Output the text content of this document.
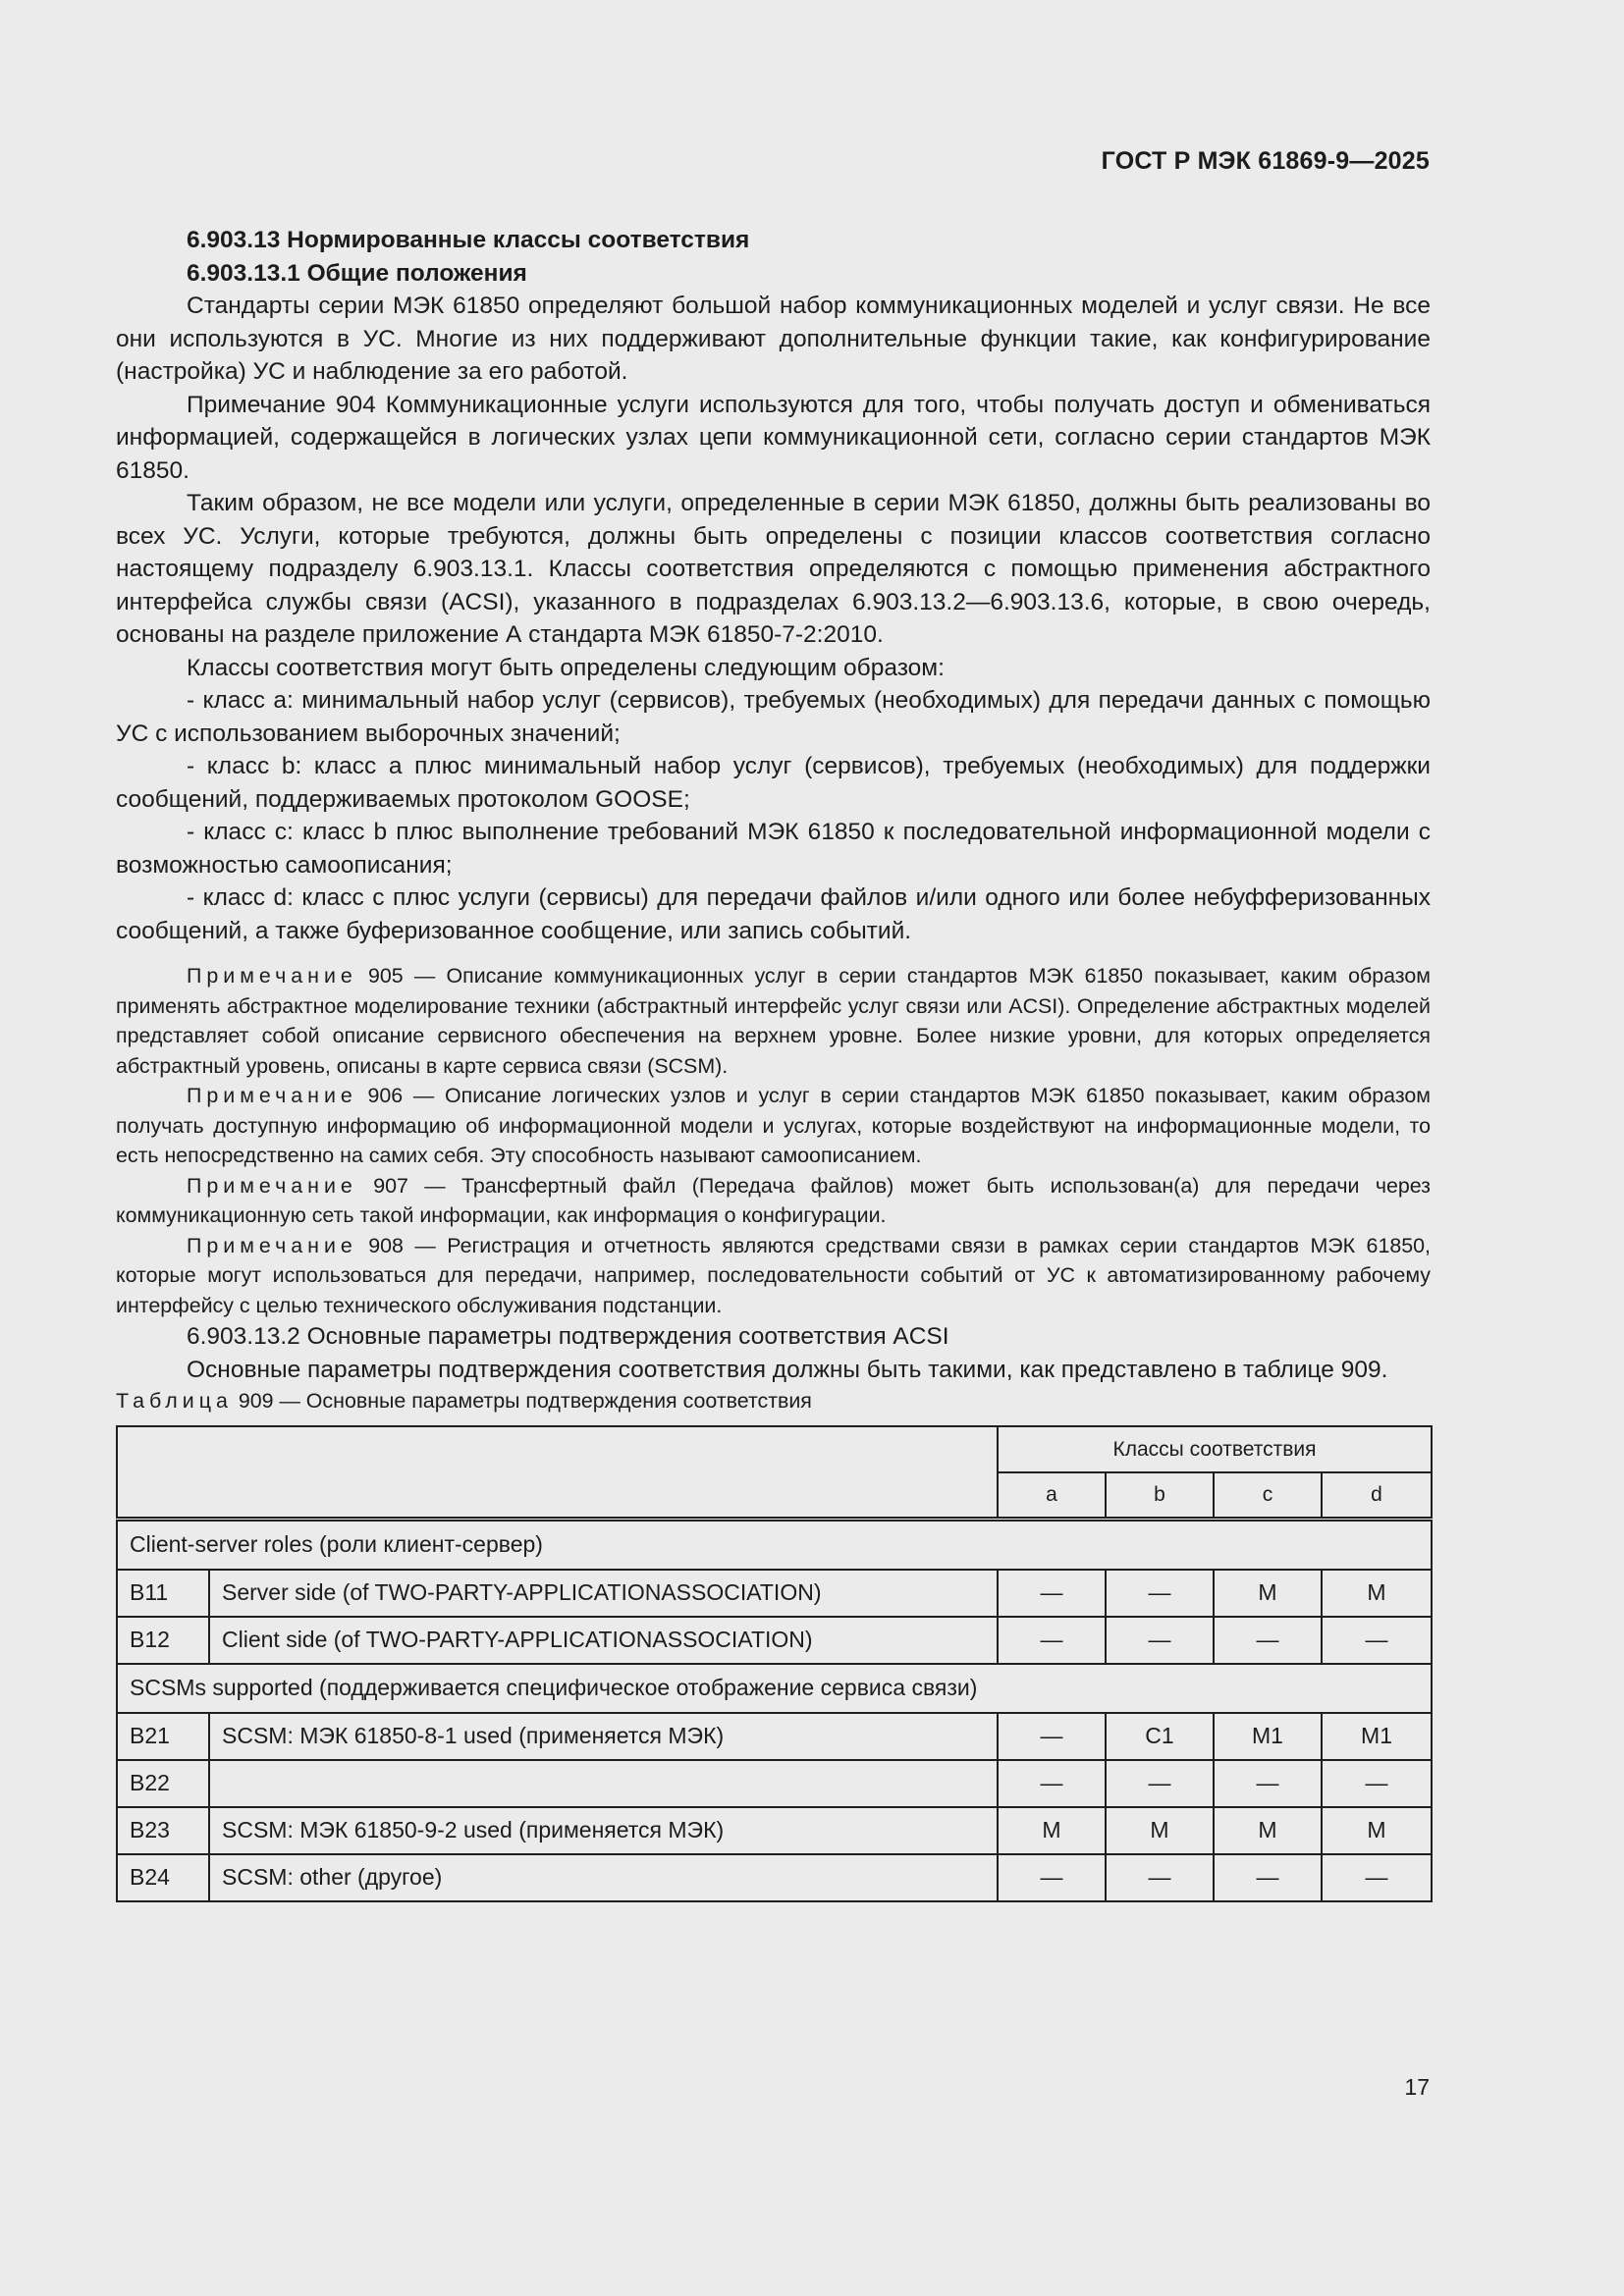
ГОСТ Р МЭК 61869-9—2025

6.903.13 Нормированные классы соответствия

6.903.13.1 Общие положения

Стандарты серии МЭК 61850 определяют большой набор коммуникационных моделей и услуг связи. Не все они используются в УС. Многие из них поддерживают дополнительные функции такие, как конфигурирование (настройка) УС и наблюдение за его работой.

Примечание 904 Коммуникационные услуги используются для того, чтобы получать доступ и обмениваться информацией, содержащейся в логических узлах цепи коммуникационной сети, согласно серии стандартов МЭК 61850.

Таким образом, не все модели или услуги, определенные в серии МЭК 61850, должны быть реализованы во всех УС. Услуги, которые требуются, должны быть определены с позиции классов соответствия согласно настоящему подразделу 6.903.13.1. Классы соответствия определяются с помощью применения абстрактного интерфейса службы связи (ACSI), указанного в подразделах 6.903.13.2—6.903.13.6, которые, в свою очередь, основаны на разделе приложение А стандарта МЭК 61850-7-2:2010.

Классы соответствия могут быть определены следующим образом:

- класс а: минимальный набор услуг (сервисов), требуемых (необходимых) для передачи данных с помощью УС с использованием выборочных значений;

- класс b: класс а плюс минимальный набор услуг (сервисов), требуемых (необходимых) для поддержки сообщений, поддерживаемых протоколом GOOSE;

- класс с: класс b плюс выполнение требований МЭК 61850 к последовательной информационной модели с возможностью самоописания;

- класс d: класс с плюс услуги (сервисы) для передачи файлов и/или одного или более небуфферизованных сообщений, а также буферизованное сообщение, или запись событий.

Примечание 905 — Описание коммуникационных услуг в серии стандартов МЭК 61850 показывает, каким образом применять абстрактное моделирование техники (абстрактный интерфейс услуг связи или ACSI). Определение абстрактных моделей представляет собой описание сервисного обеспечения на верхнем уровне. Более низкие уровни, для которых определяется абстрактный уровень, описаны в карте сервиса связи (SCSM).

Примечание 906 — Описание логических узлов и услуг в серии стандартов МЭК 61850 показывает, каким образом получать доступную информацию об информационной модели и услугах, которые воздействуют на информационные модели, то есть непосредственно на самих себя. Эту способность называют самоописанием.

Примечание 907 — Трансфертный файл (Передача файлов) может быть использован(а) для передачи через коммуникационную сеть такой информации, как информация о конфигурации.

Примечание 908 — Регистрация и отчетность являются средствами связи в рамках серии стандартов МЭК 61850, которые могут использоваться для передачи, например, последовательности событий от УС к автоматизированному рабочему интерфейсу с целью технического обслуживания подстанции.

6.903.13.2 Основные параметры подтверждения соответствия ACSI

Основные параметры подтверждения соответствия должны быть такими, как представлено в таблице 909.

Таблица 909 — Основные параметры подтверждения соответствия

		Классы соответствия			
		a	b	c	d
Client-server roles (роли клиент-сервер)					
B11	Server side (of TWO-PARTY-APPLICATIONASSOCIATION)	—	—	M	M
B12	Client side (of TWO-PARTY-APPLICATIONASSOCIATION)	—	—	—	—
SCSMs supported (поддерживается специфическое отображение сервиса связи)					
B21	SCSM: МЭК 61850-8-1 used (применяется МЭК)	—	C1	M1	M1
B22		—	—	—	—
B23	SCSM: МЭК 61850-9-2 used (применяется МЭК)	M	M	M	M
B24	SCSM: other (другое)	—	—	—	—
17
